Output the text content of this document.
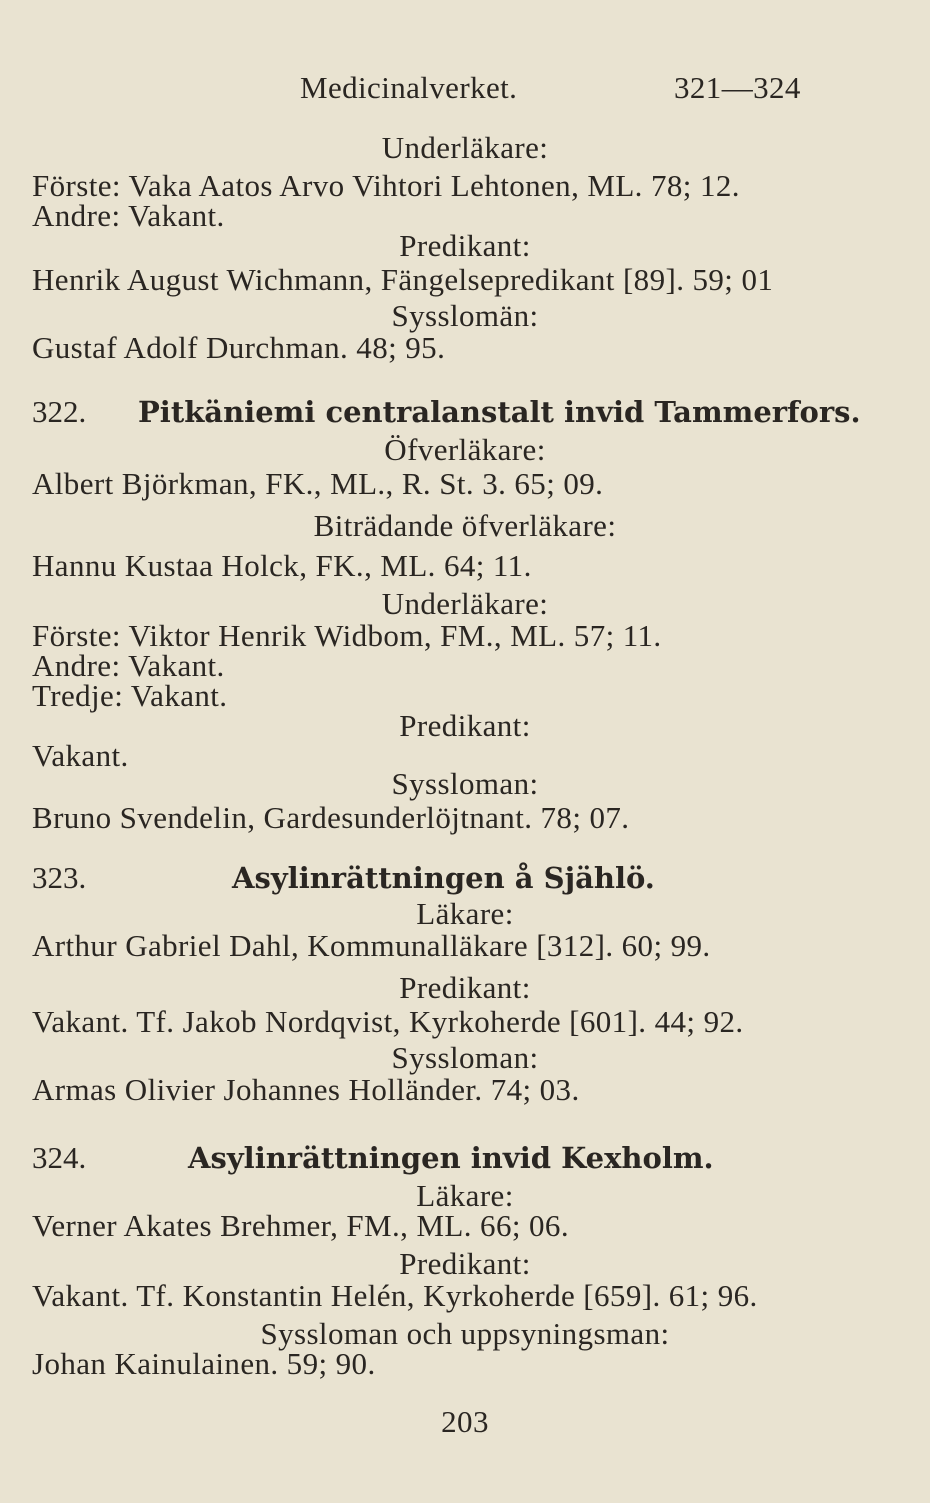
Medicinalverket.	321—324
Underläkare:
Förste: Vaka Aatos Arvo Vihtori Lehtonen, ML. 78; 12.
Andre: Vakant.
Predikant:
Henrik August Wichmann, Fängelsepredikant [89]. 59; 01
Sysslomän:
Gustaf Adolf Durchman. 48; 95.
322. Pitkäniemi centralanstalt invid Tammerfors.
Öfverläkare:
Albert Björkman, FK., ML., R. St. 3. 65; 09.
Biträdande öfverläkare:
Hannu Kustaa Holck, FK., ML. 64; 11.
Underläkare:
Förste: Viktor Henrik Widbom, FM., ML. 57; 11.
Andre: Vakant.
Tredje: Vakant.
Predikant:
Vakant.
Syssloman:
Bruno Svendelin, Gardesunderlöjtnant. 78; 07.
323.	Asylinrättningen å Sjählö.
Läkare:
Arthur Gabriel Dahl, Kommunalläkare [312]. 60; 99.
Predikant:
Vakant. Tf. Jakob Nordqvist, Kyrkoherde [601]. 44; 92.
Syssloman:
Armas Olivier Johannes Holländer. 74; 03.
324.	Asylinrättningen invid Kexholm.
Läkare:
Verner Akates Brehmer, FM., ML. 66; 06.
Predikant:
Vakant. Tf. Konstantin Helén, Kyrkoherde [659]. 61; 96.
Syssloman och uppsyningsman:
Johan Kainulainen. 59; 90.
203
